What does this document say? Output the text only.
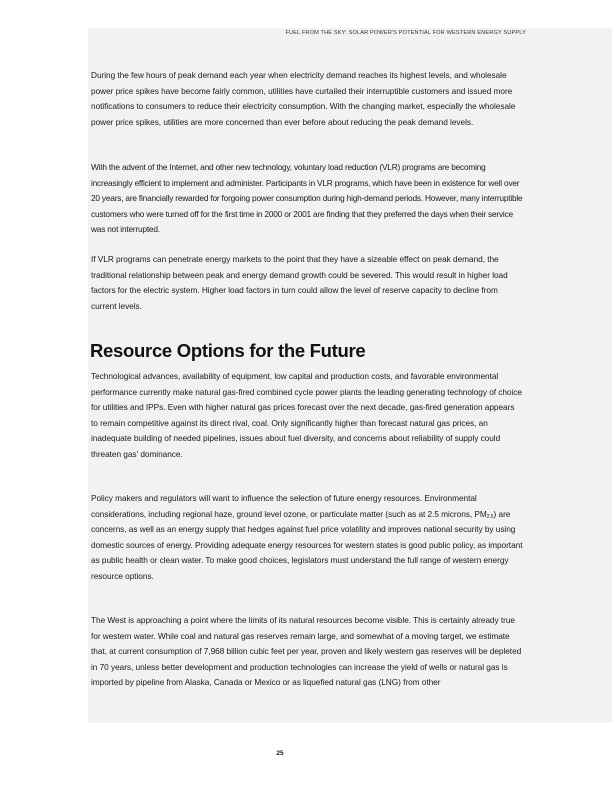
FUEL FROM THE SKY: SOLAR POWER'S POTENTIAL FOR WESTERN ENERGY SUPPLY

During the few hours of peak demand each year when electricity demand reaches its highest levels, and wholesale power price spikes have become fairly common, utilities have curtailed their interruptible customers and issued more notifications to consumers to reduce their electricity consumption. With the changing market, especially the wholesale power price spikes, utilities are more concerned than ever before about reducing the peak demand levels.

With the advent of the Internet, and other new technology, voluntary load reduction (VLR) programs are becoming increasingly efficient to implement and administer. Participants in VLR programs, which have been in existence for well over 20 years, are financially rewarded for forgoing power consumption during high-demand periods. However, many interruptible customers who were turned off for the first time in 2000 or 2001 are finding that they preferred the days when their service was not interrupted.

If VLR programs can penetrate energy markets to the point that they have a sizeable effect on peak demand, the traditional relationship between peak and energy demand growth could be severed. This would result in higher load factors for the electric system. Higher load factors in turn could allow the level of reserve capacity to decline from current levels.

Resource Options for the Future

Technological advances, availability of equipment, low capital and production costs, and favorable environmental performance currently make natural gas-fired combined cycle power plants the leading generating technology of choice for utilities and IPPs. Even with higher natural gas prices forecast over the next decade, gas-fired generation appears to remain competitive against its direct rival, coal. Only significantly higher than forecast natural gas prices, an inadequate building of needed pipelines, issues about fuel diversity, and concerns about reliability of supply could threaten gas' dominance.

Policy makers and regulators will want to influence the selection of future energy resources. Environmental considerations, including regional haze, ground level ozone, or particulate matter (such as at 2.5 microns, $PM_{2.5}$) are concerns, as well as an energy supply that hedges against fuel price volatility and improves national security by using domestic sources of energy. Providing adequate energy resources for western states is good public policy, as important as public health or clean water. To make good choices, legislators must understand the full range of western energy resource options.

The West is approaching a point where the limits of its natural resources become visible. This is certainly already true for western water. While coal and natural gas reserves remain large, and somewhat of a moving target, we estimate that, at current consumption of 7,968 billion cubic feet per year, proven and likely western gas reserves will be depleted in 70 years, unless better development and production technologies can increase the yield of wells or natural gas is imported by pipeline from Alaska, Canada or Mexico or as liquefied natural gas (LNG) from other

25
